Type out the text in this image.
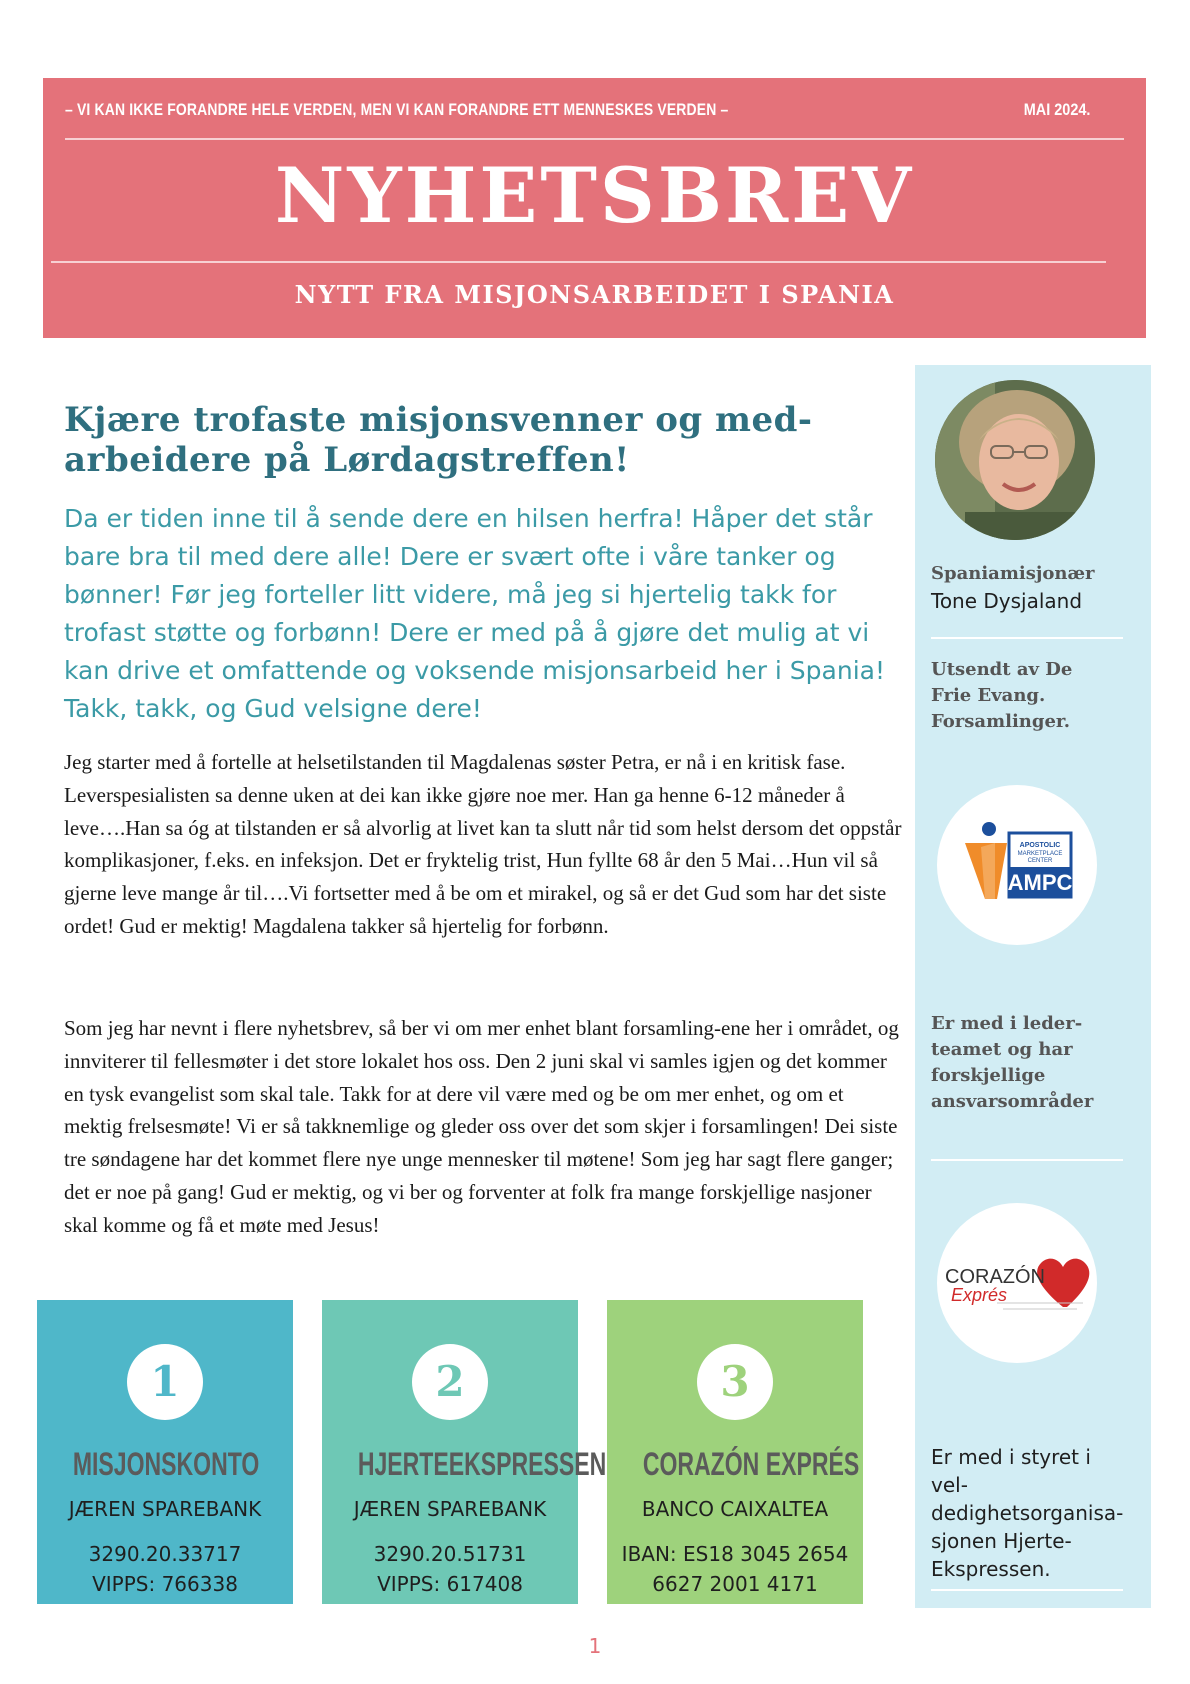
– VI KAN IKKE FORANDRE HELE VERDEN, MEN VI KAN FORANDRE ETT MENNESKES VERDEN –	MAI 2024.
NYHETSBREV
NYTT FRA MISJONSARBEIDET I SPANIA
Kjære trofaste misjonsvenner og med-
arbeidere på Lørdagstreffen!

Da er tiden inne til å sende dere en hilsen herfra! Håper det står bare bra til med dere alle! Dere er svært ofte i våre tanker og bønner! Før jeg forteller litt videre, må jeg si hjertelig takk for trofast støtte og forbønn! Dere er med på å gjøre det mulig at vi kan drive et omfattende og voksende misjonsarbeid her i Spania! Takk, takk, og Gud velsigne dere!

Jeg starter med å fortelle at helsetilstanden til Magdalenas søster Petra, er nå i en kritisk fase. Leverspesialisten sa denne uken at dei kan ikke gjøre noe mer. Han ga henne 6-12 måneder å leve….Han sa óg at tilstanden er så alvorlig at livet kan ta slutt når tid som helst dersom det oppstår komplikasjoner, f.eks. en infeksjon. Det er fryktelig trist, Hun fyllte 68 år den 5 Mai…Hun vil så gjerne leve mange år til….Vi fortsetter med å be om et mirakel, og så er det Gud som har det siste ordet! Gud er mektig! Magdalena takker så hjertelig for forbønn.

Som jeg har nevnt i flere nyhetsbrev, så ber vi om mer enhet blant forsamling-ene her i området, og innviterer til fellesmøter i det store lokalet hos oss. Den 2 juni skal vi samles igjen og det kommer en tysk evangelist som skal tale. Takk for at dere vil være med og be om mer enhet, og om et mektig frelsesmøte! Vi er så takknemlige og gleder oss over det som skjer i forsamlingen! Dei siste tre søndagene har det kommet flere nye unge mennesker til møtene! Som jeg har sagt flere ganger; det er noe på gang! Gud er mektig, og vi ber og forventer at folk fra mange forskjellige nasjoner skal komme og få et møte med Jesus!

1
MISJONSKONTO
JÆREN SPAREBANK
3290.20.33717
VIPPS: 766338
2
HJERTEEKSPRESSEN
JÆREN SPAREBANK
3290.20.51731
VIPPS: 617408
3
CORAZÓN EXPRÉS
BANCO CAIXALTEA
IBAN: ES18 3045 2654
6627 2001 4171
Spaniamisjonær
Tone Dysjaland
Utsendt av De Frie Evang. Forsamlinger.
APOSTOLIC
MARKETPLACE
CENTER
AMPC
Er med i leder-teamet og har forskjellige ansvarsområder
CORAZÓN
Exprés
Er med i styret i vel-dedighetsorganisa-sjonen Hjerte-Ekspressen.
1
